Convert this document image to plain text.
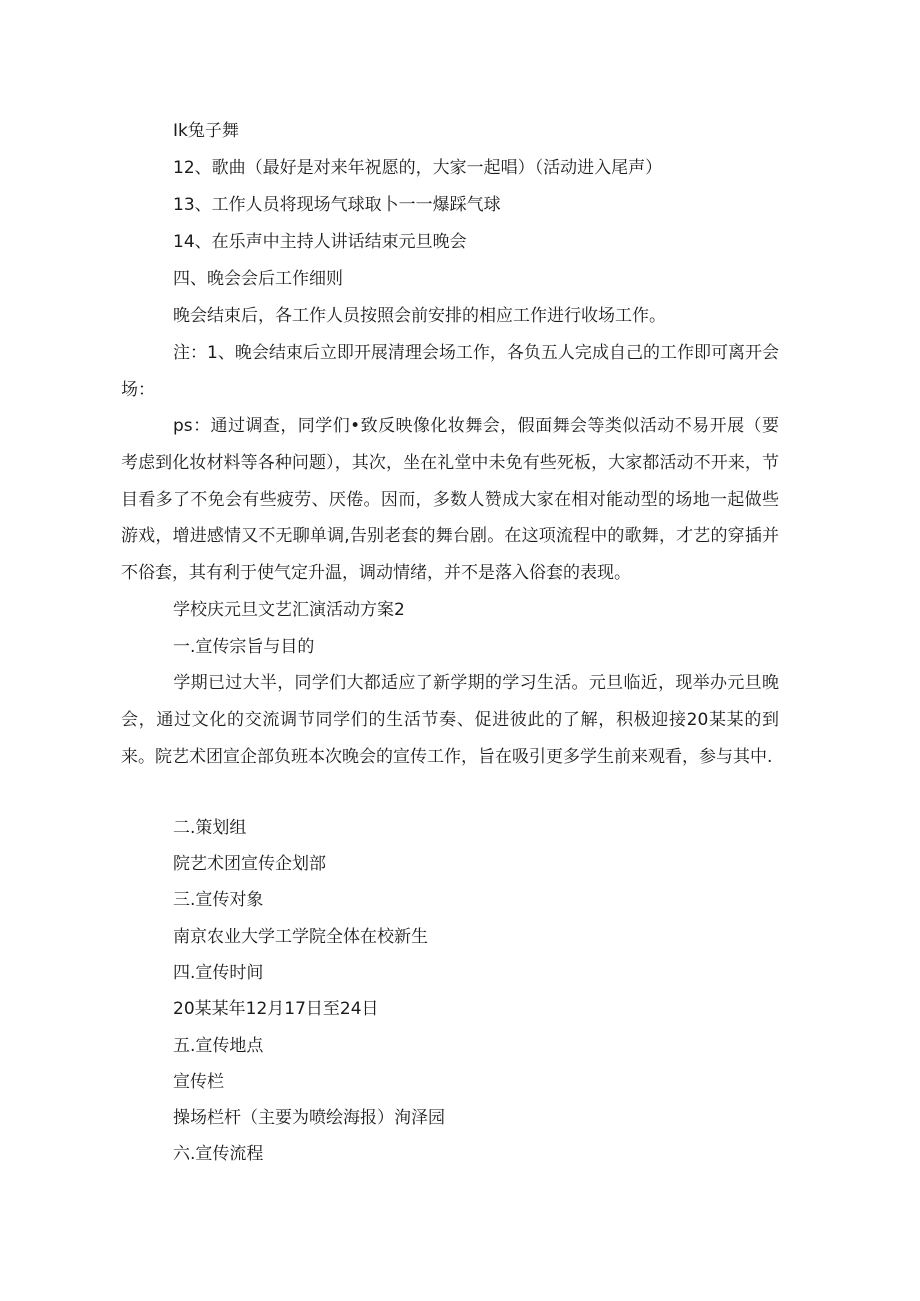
Ik兔子舞
12、歌曲（最好是对来年祝愿的，大家一起唱）（活动进入尾声）
13、工作人员将现场气球取卜一一爆踩气球
14、在乐声中主持人讲话结束元旦晚会
四、晚会会后工作细则
晚会结束后，各工作人员按照会前安排的相应工作进行收场工作。
注：1、晚会结束后立即开展清理会场工作，各负五人完成自己的工作即可离开会场：
ps：通过调查，同学们•致反映像化妆舞会，假面舞会等类似活动不易开展（要考虑到化妆材料等各种问题），其次，坐在礼堂中未免有些死板，大家都活动不开来，节目看多了不免会有些疲劳、厌倦。因而，多数人赞成大家在相对能动型的场地一起做些游戏，增进感情又不无聊单调,告别老套的舞台剧。在这项流程中的歌舞，才艺的穿插并不俗套，其有利于使气定升温，调动情绪，并不是落入俗套的表现。
学校庆元旦文艺汇演活动方案2
一.宣传宗旨与目的
学期已过大半，同学们大都适应了新学期的学习生活。元旦临近，现举办元旦晚会，通过文化的交流调节同学们的生活节奏、促进彼此的了解，积极迎接20某某的到来。院艺术团宣企部负班本次晚会的宣传工作，旨在吸引更多学生前来观看，参与其中.
二.策划组
院艺术团宣传企划部
三.宣传对象
南京农业大学工学院全体在校新生
四.宣传时间
20某某年12月17日至24日
五.宣传地点
宣传栏
操场栏杆（主要为喷绘海报）洵泽园
六.宣传流程
